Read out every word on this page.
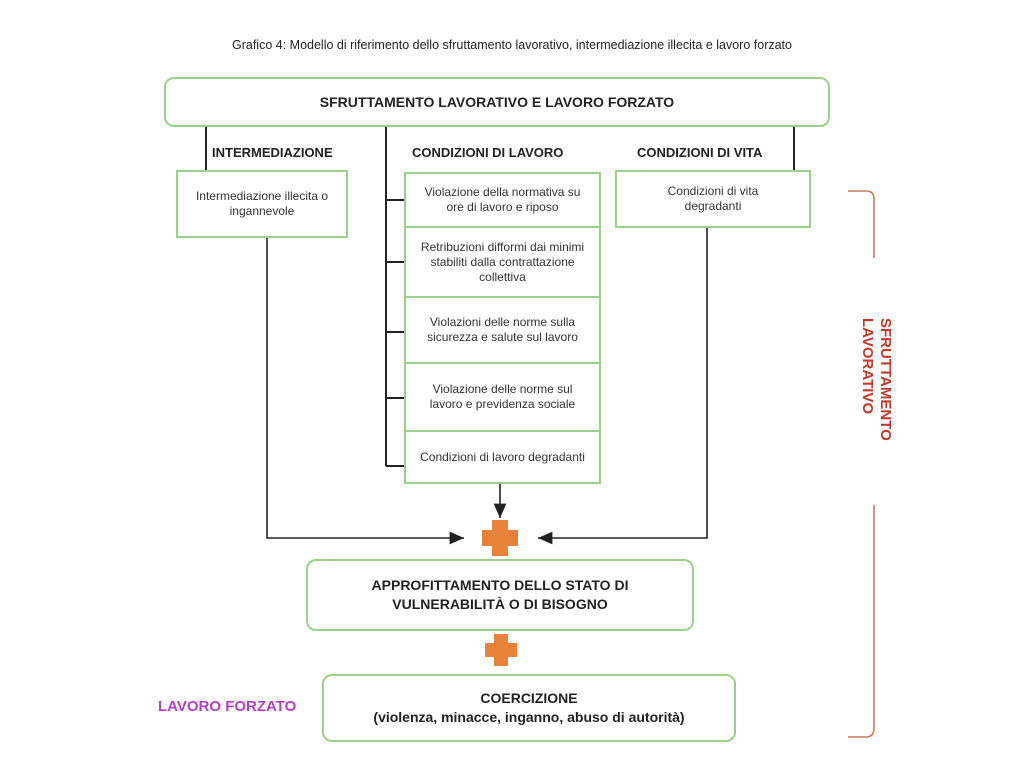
Grafico 4: Modello di riferimento dello sfruttamento lavorativo, intermediazione illecita e lavoro forzato
SFRUTTAMENTO LAVORATIVO E LAVORO FORZATO
INTERMEDIAZIONE	CONDIZIONI DI LAVORO	CONDIZIONI DI VITA
Intermediazione illecita o ingannevole
Violazione della normativa su ore di lavoro e riposo
Retribuzioni difformi dai minimi stabiliti dalla contrattazione collettiva
Violazioni delle norme sulla sicurezza e salute sul lavoro
Violazione delle norme sul lavoro e previdenza sociale
Condizioni di lavoro degradanti
Condizioni di vita degradanti
APPROFITTAMENTO DELLO STATO DI VULNERABILITÀ O DI BISOGNO
COERCIZIONE
(violenza, minacce, inganno, abuso di autorità)
SFRUTTAMENTO LAVORATIVO
LAVORO FORZATO
